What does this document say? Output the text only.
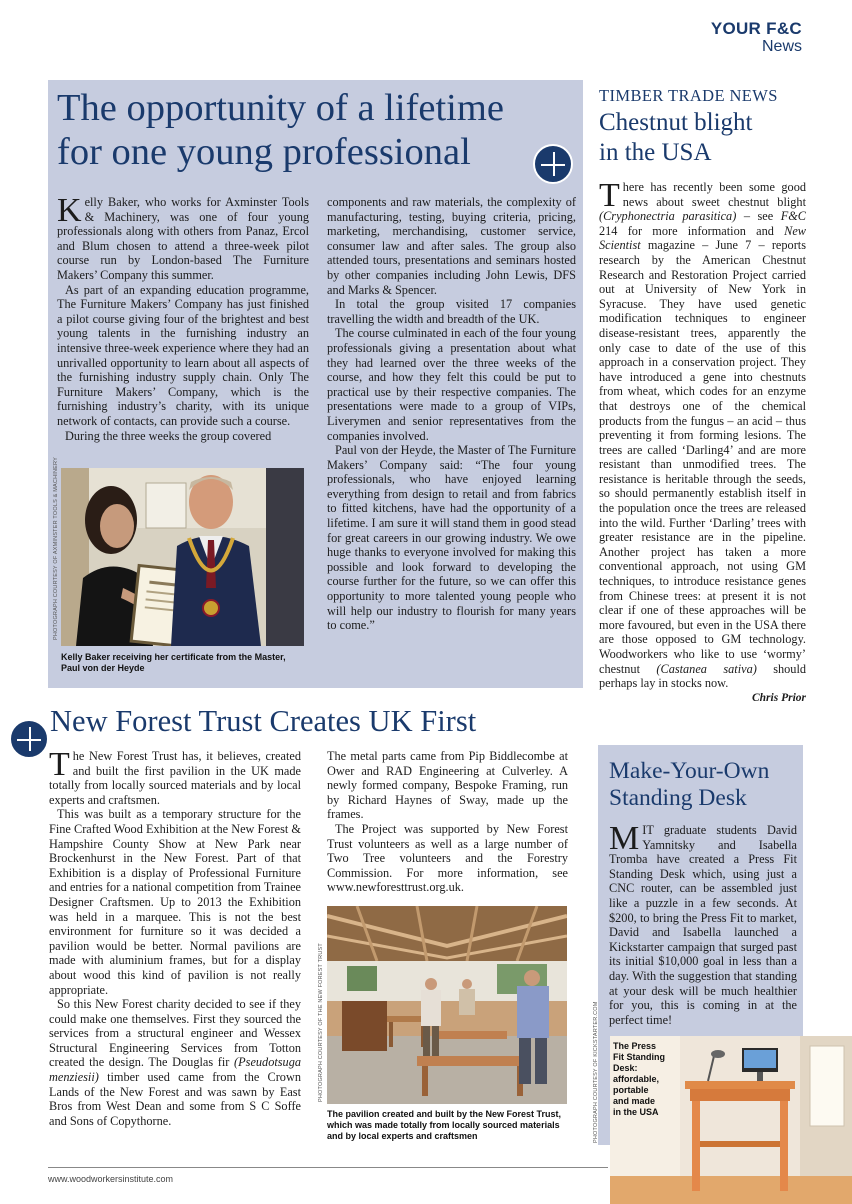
YOUR F&C
News
The opportunity of a lifetime
for one young professional

Kelly Baker, who works for Axminster Tools & Machinery, was one of four young professionals along with others from Panaz, Ercol and Blum chosen to attend a three-week pilot course run by London-based The Furniture Makers’ Company this summer.

As part of an expanding education programme, The Furniture Makers’ Company has just finished a pilot course giving four of the brightest and best young talents in the furnishing industry an intensive three-week experience where they had an unrivalled opportunity to learn about all aspects of the furnishing industry supply chain. Only The Furniture Makers’ Company, which is the furnishing industry’s charity, with its unique network of contacts, can provide such a course.

During the three weeks the group covered

components and raw materials, the complexity of manufacturing, testing, buying criteria, pricing, marketing, merchandising, customer service, consumer law and after sales. The group also attended tours, presentations and seminars hosted by other companies including John Lewis, DFS and Marks & Spencer.

In total the group visited 17 companies travelling the width and breadth of the UK.

The course culminated in each of the four young professionals giving a presentation about what they had learned over the three weeks of the course, and how they felt this could be put to practical use by their respective companies. The presentations were made to a group of VIPs, Liverymen and senior representatives from the companies involved.

Paul von der Heyde, the Master of The Furniture Makers’ Company said: “The four young professionals, who have enjoyed learning everything from design to retail and from fabrics to fitted kitchens, have had the opportunity of a lifetime. I am sure it will stand them in good stead for great careers in our growing industry. We owe huge thanks to everyone involved for making this possible and look forward to developing the course further for the future, so we can offer this opportunity to more talented young people who will help our industry to flourish for many years to come.”

PHOTOGRAPH COURTESY OF AXMINSTER TOOLS & MACHINERY
Kelly Baker receiving her certificate from the Master, Paul von der Heyde
TIMBER TRADE NEWS
Chestnut blight
in the USA

There has recently been some good news about sweet chestnut blight (Cryphonectria parasitica) – see F&C 214 for more information and New Scientist magazine – June 7 – reports research by the American Chestnut Research and Restoration Project carried out at University of New York in Syracuse. They have used genetic modification techniques to engineer disease-resistant trees, apparently the only case to date of the use of this approach in a conservation project. They have introduced a gene into chestnuts from wheat, which codes for an enzyme that destroys one of the chemical products from the fungus – an acid – thus preventing it from forming lesions. The trees are called ‘Darling4’ and are more resistant than unmodified trees. The resistance is heritable through the seeds, so should permanently establish itself in the population once the trees are released into the wild. Further ‘Darling’ trees with greater resistance are in the pipeline. Another project has taken a more conventional approach, not using GM techniques, to introduce resistance genes from Chinese trees: at present it is not clear if one of these approaches will be more favoured, but even in the USA there are those opposed to GM technology. Woodworkers who like to use ‘wormy’ chestnut (Castanea sativa) should perhaps lay in stocks now.

Chris Prior
New Forest Trust Creates UK First

The New Forest Trust has, it believes, created and built the first pavilion in the UK made totally from locally sourced materials and by local experts and craftsmen.

This was built as a temporary structure for the Fine Crafted Wood Exhibition at the New Forest & Hampshire County Show at New Park near Brockenhurst in the New Forest. Part of that Exhibition is a display of Professional Furniture and entries for a national competition from Trainee Designer Craftsmen. Up to 2013 the Exhibition was held in a marquee. This is not the best environment for furniture so it was decided a pavilion would be better. Normal pavilions are made with aluminium frames, but for a display about wood this kind of pavilion is not really appropriate.

So this New Forest charity decided to see if they could make one themselves. First they sourced the services from a structural engineer and Wessex Structural Engineering Services from Totton created the design. The Douglas fir (Pseudotsuga menziesii) timber used came from the Crown Lands of the New Forest and was sawn by East Bros from West Dean and some from S C Soffe and Sons of Copythorne.

The metal parts came from Pip Biddlecombe at Ower and RAD Engineering at Culverley. A newly formed company, Bespoke Framing, run by Richard Haynes of Sway, made up the frames.

The Project was supported by New Forest Trust volunteers as well as a large number of Two Tree volunteers and the Forestry Commission. For more information, see www.newforesttrust.org.uk.

PHOTOGRAPH COURTESY OF THE NEW FOREST TRUST
The pavilion created and built by the New Forest Trust, which was made totally from locally sourced materials and by local experts and craftsmen
Make-Your-Own
Standing Desk

MIT graduate students David Yamnitsky and Isabella Tromba have created a Press Fit Standing Desk which, using just a CNC router, can be assembled just like a puzzle in a few seconds. At $200, to bring the Press Fit to market, David and Isabella launched a Kickstarter campaign that surged past its initial $10,000 goal in less than a day. With the suggestion that standing at your desk will be much healthier for you, this is coming in at the perfect time!

The Press Fit Standing Desk: affordable, portable and made in the USA
PHOTOGRAPH COURTESY OF KICKSTARTER.COM
www.woodworkersinstitute.com
